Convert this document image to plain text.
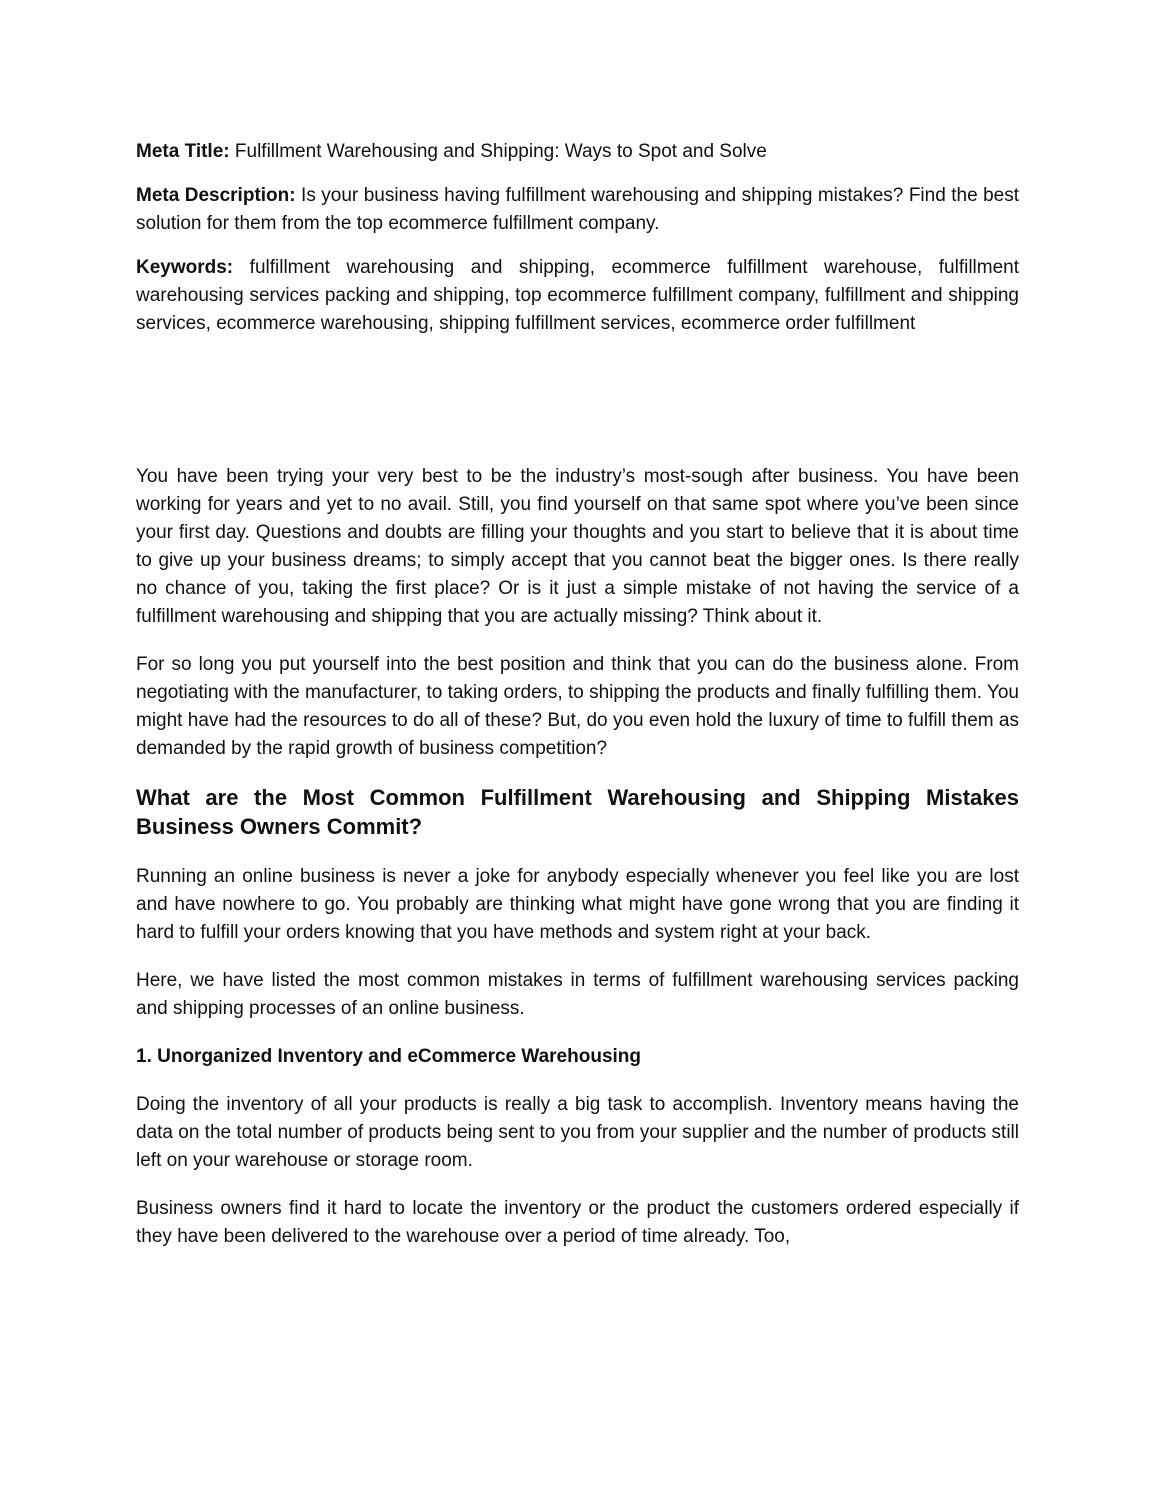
Meta Title: Fulfillment Warehousing and Shipping: Ways to Spot and Solve

Meta Description: Is your business having fulfillment warehousing and shipping mistakes? Find the best solution for them from the top ecommerce fulfillment company.

Keywords: fulfillment warehousing and shipping, ecommerce fulfillment warehouse, fulfillment warehousing services packing and shipping, top ecommerce fulfillment company, fulfillment and shipping services, ecommerce warehousing, shipping fulfillment services, ecommerce order fulfillment

You have been trying your very best to be the industry’s most-sough after business. You have been working for years and yet to no avail. Still, you find yourself on that same spot where you’ve been since your first day. Questions and doubts are filling your thoughts and you start to believe that it is about time to give up your business dreams; to simply accept that you cannot beat the bigger ones. Is there really no chance of you, taking the first place? Or is it just a simple mistake of not having the service of a fulfillment warehousing and shipping that you are actually missing? Think about it.

For so long you put yourself into the best position and think that you can do the business alone. From negotiating with the manufacturer, to taking orders, to shipping the products and finally fulfilling them. You might have had the resources to do all of these? But, do you even hold the luxury of time to fulfill them as demanded by the rapid growth of business competition?

What are the Most Common Fulfillment Warehousing and Shipping Mistakes Business Owners Commit?

Running an online business is never a joke for anybody especially whenever you feel like you are lost and have nowhere to go. You probably are thinking what might have gone wrong that you are finding it hard to fulfill your orders knowing that you have methods and system right at your back.

Here, we have listed the most common mistakes in terms of fulfillment warehousing services packing and shipping processes of an online business.

1. Unorganized Inventory and eCommerce Warehousing

Doing the inventory of all your products is really a big task to accomplish. Inventory means having the data on the total number of products being sent to you from your supplier and the number of products still left on your warehouse or storage room.

Business owners find it hard to locate the inventory or the product the customers ordered especially if they have been delivered to the warehouse over a period of time already. Too,
